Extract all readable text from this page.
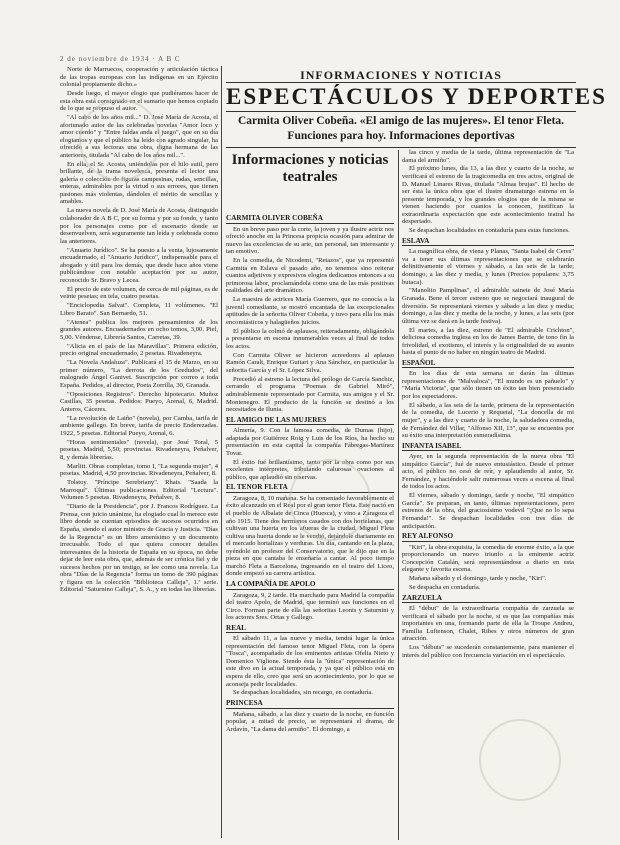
2 de noviembre de 1934 · A B C

Norte de Marruecos, cooperación y articulación táctica de las tropas europeas con las indígenas en un Ejército colonial propiamente dicho.»

Desde luego, el mayor elogio que pudiéramos hacer de esta obra está consignado en el sumario que hemos copiado de lo que se propuso el autor.

"Al cabo de los años mil..." D. José María de Acosta, el afortunado autor de las celebradas novelas "Amor loco y amor cuerdo" y "Entre faldas anda el juego", que en su día elogiamos y que el público ha leído con agrado singular, ha ofrecido a sus lectoras una obra, digna hermana de las anteriores, titulada "Al cabo de los años mil...".

En ella, el Sr. Acosta, uniéndolas por el hilo sutil, pero brillante, de la trama novelesca, presenta el lector una galería o colección de figuras campesinas, rudas, sencillas, enteras, admirables por la virtud o sus errores, que tienen pasiones más violentas, dándoles el mérito de sencillas y amables.

La nueva novela de D. José María de Acosta, distinguido colaborador de A B C, por su forma y por su fondo, y tanto por los personajes como por el escenario donde se desenvuelven, será seguramente tan leída y celebrada como las anteriores.

"Anuario Jurídico". Se ha puesto a la venta, lujosamente encuadernado, el "Anuario Jurídico", indispensable para el abogado y útil para los demás, que desde hace años viene publicándose con notable aceptación por su autor, reconocido Sr. Bravo y Lecea.

El precio de este volumen, de cerca de mil páginas, es de veinte pesetas; en tela, cuatro pesetas.

"Enciclopedia Salvat". Completa, 11 volúmenes. "El Libro Barato". San Bernardo, 51.

"Atenea" publica los mejores pensamientos de los grandes autores. Encuadernados en ocho tomos, 3,00. Piel, 5,00. Véndense, Librería Santos, Carretas, 39.

"Alicia en el país de las Maravillas". Primera edición, precio original encuadernado, 2 pesetas. Rivadeneyra.

"La Novela Andaluza". Publicará el 15 de Marzo, en su primer número, "La derrota de los Gredudos", del malogrado Ángel Ganivet. Suscripción por correo a toda España. Pedidos, al director, Poeta Zorrilla, 30, Granada.

"Oposiciones Registros". Derecho hipotecario. Muñoz Casillas, 35 pesetas. Pedidos: Pueyo, Arenal, 6, Madrid. Anteros, Cáceres.

"La revolución de Laiño" (novela), por Camba, tarifa de ambiente gallego. En breve, tarifa de precio Enderezadas. 1922, 5 pesetas. Editorial Pueyo, Arenal, 6.

"Horas sentimentales" (novela), por José Toral, 5 pesetas. Madrid, 5,50; provincias. Rivadeneyra, Peñalver, 8, y demás librerías.

Marlitt. Obras completas, tomo I, "La segunda mujer", 4 pesetas. Madrid, 4,50 provincias. Rivadeneyra, Peñalver, 8.

Tolstoy. "Príncipe Serebriany". Rhais. "Saada la Marroquí". Últimas publicaciones. Editorial "Lectura". Volumen 5 pesetas. Rivadeneyra, Peñalver, 8.

"Diario de la Presidencia", por J. Francos Rodríguez. La Prensa, con juicio unánime, ha elogiado cual lo merece este libro donde se cuentan episodios de sucesos ocurridos en España, siendo el autor ministro de Gracia y Justicia. "Días de la Regencia" es un libro amenísimo y un documento irrecusable. Todo el que quiera conocer detalles interesantes de la historia de España en su época, no debe dejar de leer esta obra, que, además de ser crónica fiel y de sucesos hechos por un testigo, se lee como una novela. La obra "Días de la Regencia" forma un tomo de 390 páginas y figura en la colección "Biblioteca Calleja", 1.ª serie. Editorial "Saturnino Calleja", S. A., y en todas las librerías.

INFORMACIONES Y NOTICIAS
ESPECTÁCULOS Y DEPORTES
Carmita Oliver Cobeña. «El amigo de las mujeres». El tenor Fleta. Funciones para hoy. Informaciones deportivas
CARMITA OLIVER COBEÑA

En un breve paso por la corte, la joven y ya ilustre actriz nos ofreció anoche en la Princesa propicia ocasión para admirar de nuevo las excelencias de su arte, tan personal, tan interesante y tan emotivo.

En la comedia, de Nicodemi, "Retazos", que ya representó Carmita en Eslava el pasado año, no tenemos sino reiterar cuantos adjetivos y expresivos elogios dedicamos entonces a su primorosa labor, proclamándola como una de las más positivas realidades del arte dramático.

La maestra de actrices María Guerrero, que no conocía a la juvenil comediante, se mostró encantada de las excepcionales aptitudes de la señorita Oliver Cobeña, y tuvo para ella los más encomiásticos y halagüeños juicios.

El público la colmó de aplausos, reiteradamente, obligándola a presentarse en escena innumerables veces al final de todos los actos.

Con Carmita Oliver se hicieron acreedores al aplauso Ramón Caralt, Enrique Guitart y Ana Sánchez, en particular la señorita García y el Sr. López Silva.

Precedió al estreno la lectura del prólogo de García Sanchiz, cerrando el programa "Poemas de Gabriel Miró", admirablemente representado por Carmita, sus amigos y el Sr. Montenegro. El producto de la función se destinó a los necesitados de Ilunia.

EL AMIGO DE LAS MUJERES

Almería, 9. Con la famosa comedia, de Dumas (hijo), adaptada por Gutiérrez Roig y Luis de los Ríos, ha hecho su presentación en esta capital la compañía Fábregas-Martínez Tovar.

El éxito fué brillantísimo, tanto por la obra como por sus excelentes intérpretes, tributando calurosas ovaciones al público, que aplaudió sin reservas.

EL TENOR FLETA

Zaragoza, 8, 10 mañana. Se ha comentado favorablemente el éxito alcanzado en el Real por el gran tenor Fleta. Este nació en el pueblo de Albalate de Cinca (Huesca), y vino a Zaragoza el año 1915. Tiene dos hermanos casados con dos hortelanas, que cultivan una huerta en los afueras de la ciudad. Miguel Fleta cultiva una huerta donde se le vendió, dejándole diariamente en el mercado hortalizas y verduras. Un día, cantando en la plaza, oyéndole un profesor del Conservatorio, que le dijo que en la pieza en que cantaba le enseñaría a cantar. Al poco tiempo marchó Fleta a Barcelona, ingresando en el teatro del Liceo, donde empezó su carrera artística.

LA COMPAÑÍA DE APOLO

Zaragoza, 9, 2 tarde. Ha marchado para Madrid la compañía del teatro Apolo, de Madrid, que terminó sus funciones en el Circo. Forman parte de ella las señoritas Leonis y Saturnini y los actores Sres. Ortas y Gallego.

REAL

El sábado 11, a las nueve y media, tendrá lugar la única representación del famoso tenor Miguel Fleta, con la ópera "Tosca", acompañado de los eminentes artistas Ofelia Nieto y Domenico Viglione. Siendo ésta la "única" representación de este divo en la actual temporada, y ya que el público está en espera de ello, creo que será un acontecimiento, por lo que se aconseja pedir localidades.

Se despachan localidades, sin recargo, en contaduría.

PRINCESA

Mañana, sábado, a las diez y cuarto de la noche, en función popular, a mitad de precio, se representará el drama, de Ardavín, "La dama del armiño". El domingo, a

Informaciones y noticias teatrales

las cinco y media de la tarde, última representación de "La dama del armiño".

El próximo lunes, día 13, a las diez y cuarto de la noche, se verificará el estreno de la tragicomedia en tres actos, original de D. Manuel Linares Rivas, titulada "Almas brujas". El hecho de ser ésta la única obra que el ilustre dramaturgo estrena en la presente temporada, y los grandes elogios que de la misma se vienen haciendo por cuantos la conocen, justifican la extraordinaria expectación que este acontecimiento teatral ha despertado.

Se despachan localidades en contaduría para estas funciones.

ESLAVA

La magnífica obra, de viena y Planas, "Santa Isabel de Ceres" va a tener sus últimas representaciones que se celebrarán definitivamente el viernes y sábado, a las seis de la tarde; domingo, a las diez y media, y lunes (Precios populares: 3,75 butaca).

"Manolito Pamplinas", el admirable sainete de José María Granada. Bene el tercer estreno que se negociará inaugural de diversión. Se representará viernes y sábado a las diez y media; domingo, a las diez y media de la noche, y lunes, a las seis (por última vez se dará en la tarde festiva).

El martes, a las diez, estreno de "El admirable Crichton", deliciosa comedia inglesa en los de James Barrie, de tono fin la frivolidad, el exotismo, el interés y la originalidad de su asunto hasta el punto de no haber en ningún teatro de Madrid.

ESPAÑOL

En los días de esta semana se darán las últimas representaciones de "Malvaloca", "El mundo es un pañuelo" y "María Victoria", que sólo tienen un éxito tan bien presenciado por los espectadores.

El sábado, a las seis de la tarde, primera de la representación de la comedia, de Lucerio y Requetal, "La doncella de mi mujer", y a las diez y cuarto de la noche, la saludadora comedia, de Fernández del Villar, "Alfonso XII, 13", que se encuentra por su éxito una interpretación esmeradísima.

INFANTA ISABEL

Ayer, en la segunda representación de la nueva obra "El simpático García", fué de nuevo entusiástico. Desde el primer acto, el público no cesó de reír, y aplaudiendo al autor, Sr. Fernández, y haciéndole salir numerosas veces a escena al final de todos los actos.

El viernes, sábado y domingo, tarde y noche, "El simpático García". Se preparan, en tanto, últimas representaciones, pero estrenos de la obra, del graciosísimo vodevil "¡Que no lo sepa Fernanda!". Se despachan localidades con tres días de anticipación.

REY ALFONSO

"Kiri", la obra exquisita, la comedia de enorme éxito, a la que proporcionando un nuevo triunfo a la eminente actriz Concepción Catalán, será representándose a diario en esta elegante y favorita escena.

Mañana sábado y el domingo, tarde y noche, "Kiri".

Se despacha en contaduría.

ZARZUELA

El "début" de la extraordinaria compañía de zarzuela se verificará el sábado por la noche, si es que las compañías más importantes en una, formando parte de ella la Troupe Andreu, Familia Luftenson, Chalet, Ribes y otros números de gran atracción.

Los "débuts" se sucederán constantemente, para mantener el interés del público con frecuencia variación en el espectáculo.
